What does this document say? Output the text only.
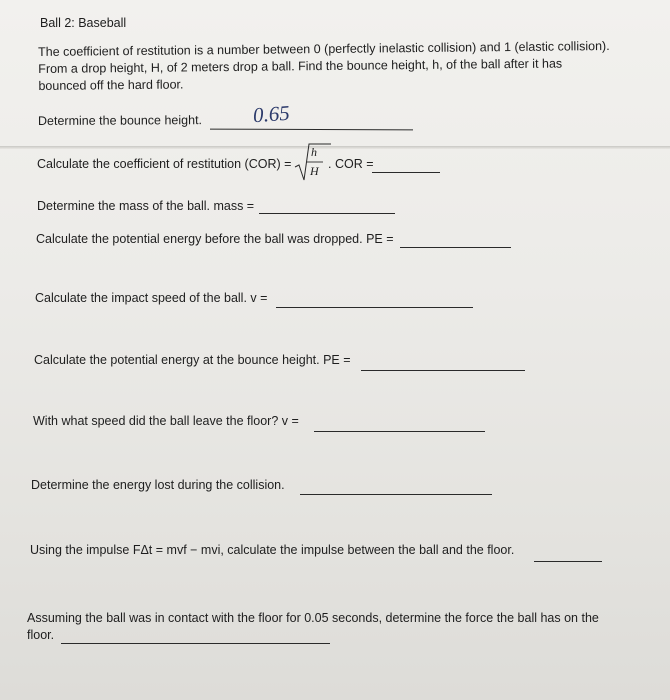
Ball 2: Baseball
The coefficient of restitution is a number between 0 (perfectly inelastic collision) and 1 (elastic collision).
From a drop height, H, of 2 meters drop a ball. Find the bounce height, h, of the ball after it has
bounced off the hard floor.
Determine the bounce height. 0.65
Calculate the coefficient of restitution (COR) =
h
H . COR =
Determine the mass of the ball. mass =
Calculate the potential energy before the ball was dropped. PE =
Calculate the impact speed of the ball. v =
Calculate the potential energy at the bounce height. PE =
With what speed did the ball leave the floor? v =
Determine the energy lost during the collision.
Using the impulse FΔt = mvf − mvi, calculate the impulse between the ball and the floor.
Assuming the ball was in contact with the floor for 0.05 seconds, determine the force the ball has on the
floor.
